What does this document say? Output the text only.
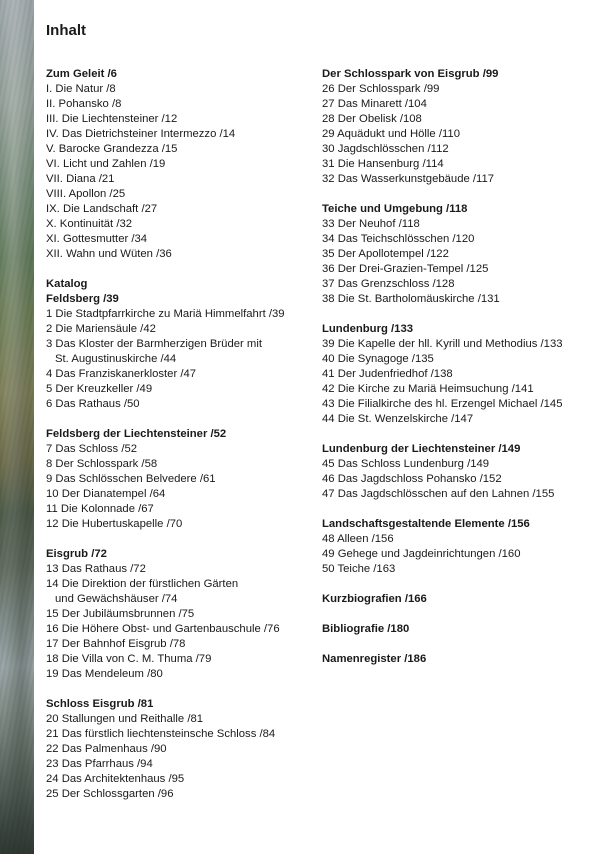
Inhalt
Zum Geleit /6
I. Die Natur /8
II. Pohansko /8
III. Die Liechtensteiner /12
IV. Das Dietrichsteiner Intermezzo /14
V. Barocke Grandezza /15
VI. Licht und Zahlen /19
VII. Diana /21
VIII. Apollon /25
IX. Die Landschaft /27
X. Kontinuität /32
XI. Gottesmutter /34
XII. Wahn und Wüten /36
Katalog
Feldsberg /39
1 Die Stadtpfarrkirche zu Mariä Himmelfahrt /39
2 Die Mariensäule /42
3 Das Kloster der Barmherzigen Brüder mit
St. Augustinuskirche /44
4 Das Franziskanerkloster /47
5 Der Kreuzkeller /49
6 Das Rathaus /50
Feldsberg der Liechtensteiner /52
7 Das Schloss /52
8 Der Schlosspark /58
9 Das Schlösschen Belvedere /61
10 Der Dianatempel /64
11 Die Kolonnade /67
12 Die Hubertuskapelle /70
Eisgrub /72
13 Das Rathaus /72
14 Die Direktion der fürstlichen Gärten
und Gewächshäuser /74
15 Der Jubiläumsbrunnen /75
16 Die Höhere Obst- und Gartenbauschule /76
17 Der Bahnhof Eisgrub /78
18 Die Villa von C. M. Thuma /79
19 Das Mendeleum /80
Schloss Eisgrub /81
20 Stallungen und Reithalle /81
21 Das fürstlich liechtensteinsche Schloss /84
22 Das Palmenhaus /90
23 Das Pfarrhaus /94
24 Das Architektenhaus /95
25 Der Schlossgarten /96
Der Schlosspark von Eisgrub /99
26 Der Schlosspark /99
27 Das Minarett /104
28 Der Obelisk /108
29 Aquädukt und Hölle /110
30 Jagdschlösschen /112
31 Die Hansenburg /114
32 Das Wasserkunstgebäude /117
Teiche und Umgebung /118
33 Der Neuhof /118
34 Das Teichschlösschen /120
35 Der Apollotempel /122
36 Der Drei-Grazien-Tempel /125
37 Das Grenzschloss /128
38 Die St. Bartholomäuskirche /131
Lundenburg /133
39 Die Kapelle der hll. Kyrill und Methodius /133
40 Die Synagoge /135
41 Der Judenfriedhof /138
42 Die Kirche zu Mariä Heimsuchung /141
43 Die Filialkirche des hl. Erzengel Michael /145
44 Die St. Wenzelskirche /147
Lundenburg der Liechtensteiner /149
45 Das Schloss Lundenburg /149
46 Das Jagdschloss Pohansko /152
47 Das Jagdschlösschen auf den Lahnen /155
Landschaftsgestaltende Elemente /156
48 Alleen /156
49 Gehege und Jagdeinrichtungen /160
50 Teiche /163
Kurzbiografien /166
Bibliografie /180
Namenregister /186
